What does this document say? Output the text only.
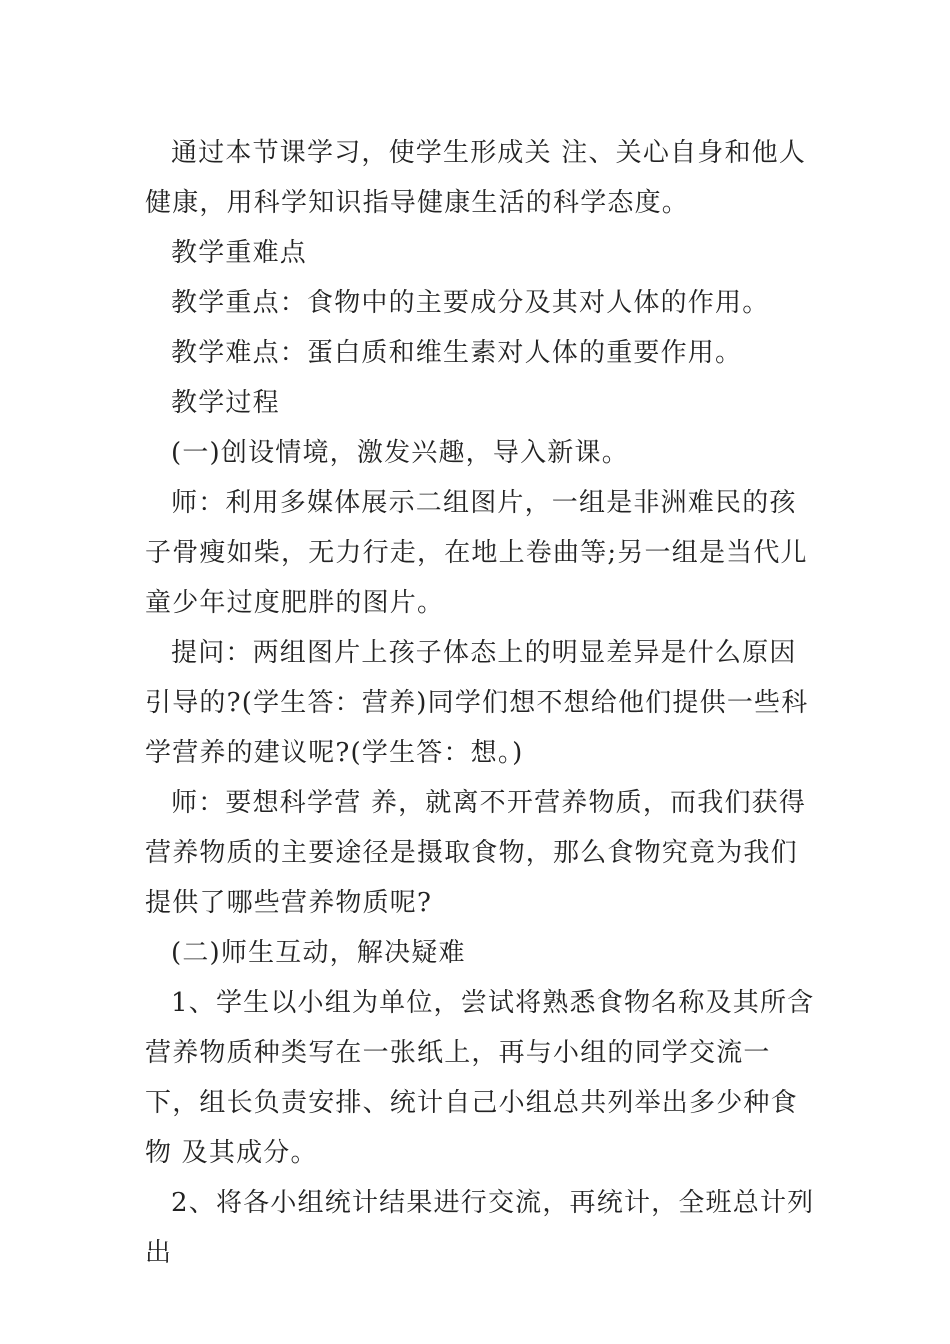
通过本节课学习，使学生形成关 注、关心自身和他人健康，用科学知识指导健康生活的科学态度。

教学重难点

教学重点：食物中的主要成分及其对人体的作用。

教学难点：蛋白质和维生素对人体的重要作用。

教学过程

(一)创设情境，激发兴趣，导入新课。

师：利用多媒体展示二组图片，一组是非洲难民的孩子骨瘦如柴，无力行走，在地上卷曲等;另一组是当代儿童少年过度肥胖的图片。

提问：两组图片上孩子体态上的明显差异是什么原因引导的?(学生答：营养)同学们想不想给他们提供一些科学营养的建议呢?(学生答：想。)

师：要想科学营 养，就离不开营养物质，而我们获得营养物质的主要途径是摄取食物，那么食物究竟为我们提供了哪些营养物质呢?

(二)师生互动，解决疑难

1、学生以小组为单位，尝试将熟悉食物名称及其所含营养物质种类写在一张纸上，再与小组的同学交流一下，组长负责安排、统计自己小组总共列举出多少种食物 及其成分。

2、将各小组统计结果进行交流，再统计，全班总计列出
